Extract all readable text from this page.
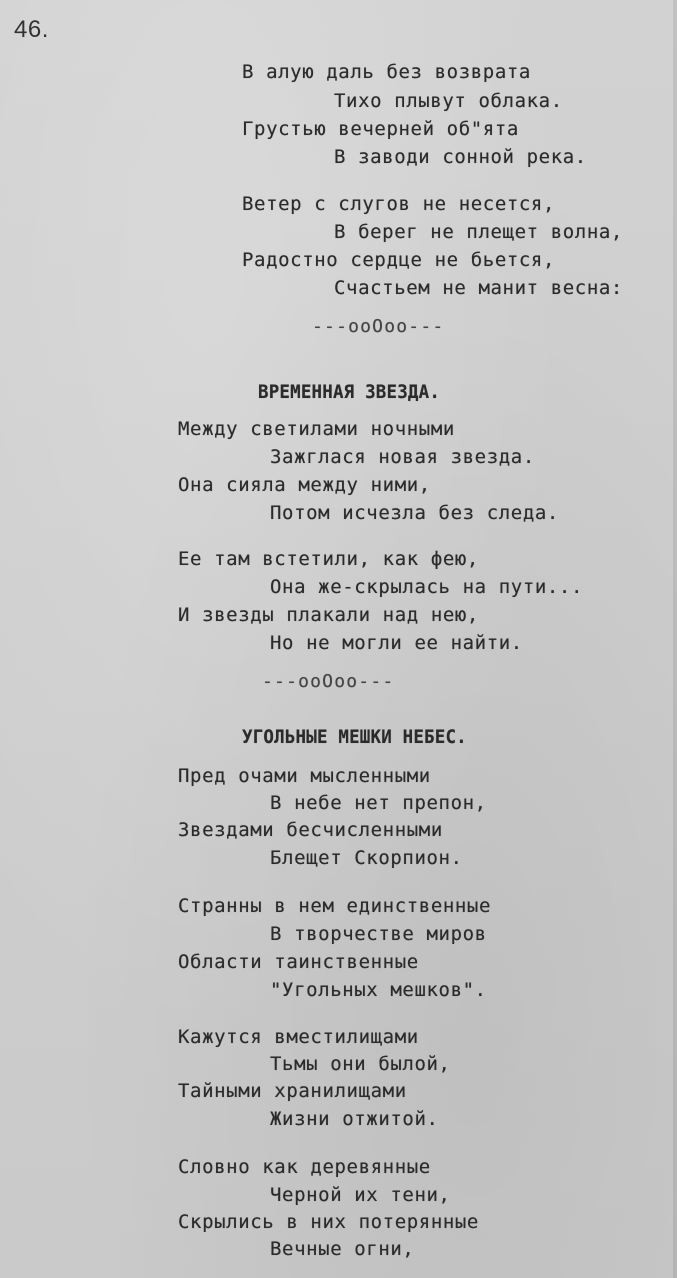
46.
В алую даль без возврата
Тихо плывут облака.
Грустью вечерней об"ята
В заводи сонной река.
Ветер с слугов не несется,
В берег не плещет волна,
Радостно сердце не бьется,
Счастьем не манит весна:
---ooOoo---
ВРЕМЕННАЯ ЗВЕЗДА.
Между светилами ночными
Зажглася новая звезда.
Она сияла между ними,
Потом исчезла без следа.
Ее там встетили, как фею,
Она же-скрылась на пути...
И звезды плакали над нею,
Но не могли ее найти.
---ooOoo---
УГОЛЬНЫЕ МЕШКИ НЕБЕС.
Пред очами мысленными
В небе нет препон,
Звездами бесчисленными
Блещет Скорпион.
Странны в нем единственные
В творчестве миров
Области таинственные
"Угольных мешков".
Кажутся вместилищами
Тьмы они былой,
Тайными хранилищами
Жизни отжитой.
Словно как деревянные
Черной их тени,
Скрылись в них потерянные
Вечные огни,
